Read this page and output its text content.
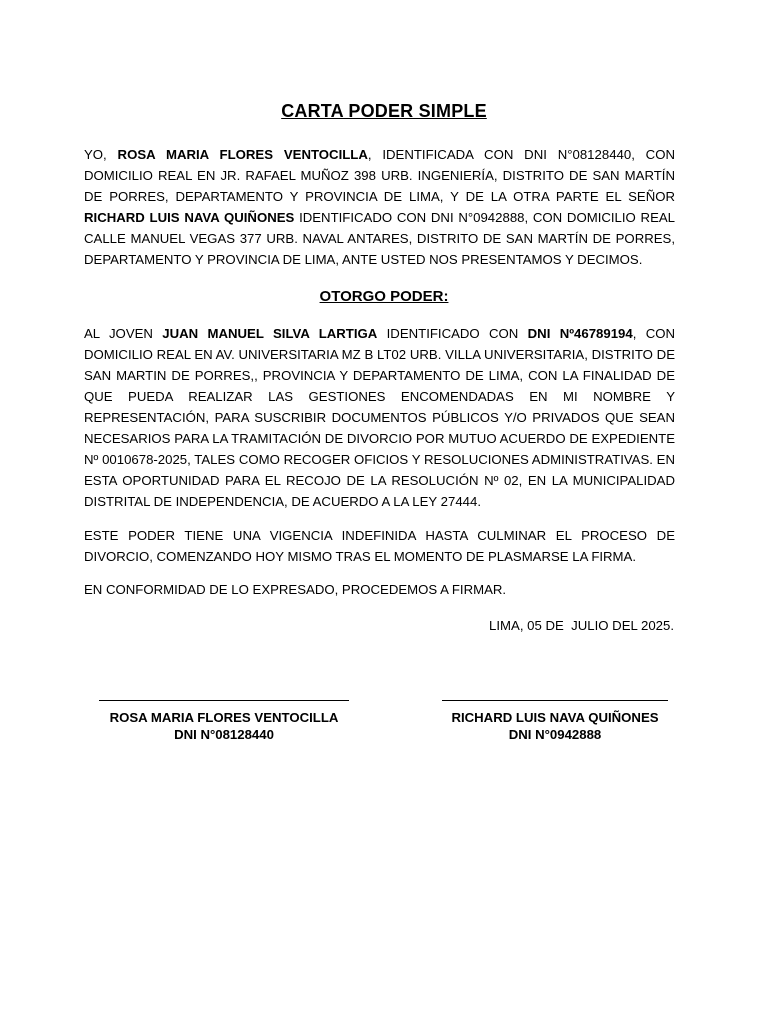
CARTA PODER SIMPLE
YO, ROSA MARIA FLORES VENTOCILLA, IDENTIFICADA CON DNI N°08128440, CON DOMICILIO REAL EN JR. RAFAEL MUÑOZ 398 URB. INGENIERÍA, DISTRITO DE SAN MARTÍN DE PORRES, DEPARTAMENTO Y PROVINCIA DE LIMA, Y DE LA OTRA PARTE EL SEÑOR RICHARD LUIS NAVA QUIÑONES IDENTIFICADO CON DNI N°0942888, CON DOMICILIO REAL CALLE MANUEL VEGAS 377 URB. NAVAL ANTARES, DISTRITO DE SAN MARTÍN DE PORRES, DEPARTAMENTO Y PROVINCIA DE LIMA, ANTE USTED NOS PRESENTAMOS Y DECIMOS.
OTORGO PODER:
AL JOVEN JUAN MANUEL SILVA LARTIGA IDENTIFICADO CON DNI Nº46789194, CON DOMICILIO REAL EN AV. UNIVERSITARIA MZ B LT02 URB. VILLA UNIVERSITARIA, DISTRITO DE SAN MARTIN DE PORRES,, PROVINCIA Y DEPARTAMENTO DE LIMA, CON LA FINALIDAD DE QUE PUEDA REALIZAR LAS GESTIONES ENCOMENDADAS EN MI NOMBRE Y REPRESENTACIÓN, PARA SUSCRIBIR DOCUMENTOS PÚBLICOS Y/O PRIVADOS QUE SEAN NECESARIOS PARA LA TRAMITACIÓN DE DIVORCIO POR MUTUO ACUERDO DE EXPEDIENTE Nº 0010678-2025, TALES COMO RECOGER OFICIOS Y RESOLUCIONES ADMINISTRATIVAS. EN ESTA OPORTUNIDAD PARA EL RECOJO DE LA RESOLUCIÓN Nº 02, EN LA MUNICIPALIDAD DISTRITAL DE INDEPENDENCIA, DE ACUERDO A LA LEY 27444.
ESTE PODER TIENE UNA VIGENCIA INDEFINIDA HASTA CULMINAR EL PROCESO DE DIVORCIO, COMENZANDO HOY MISMO TRAS EL MOMENTO DE PLASMARSE LA FIRMA.
EN CONFORMIDAD DE LO EXPRESADO, PROCEDEMOS A FIRMAR.
LIMA, 05 DE  JULIO DEL 2025.
ROSA MARIA FLORES VENTOCILLA
DNI N°08128440
RICHARD LUIS NAVA QUIÑONES
DNI N°0942888
